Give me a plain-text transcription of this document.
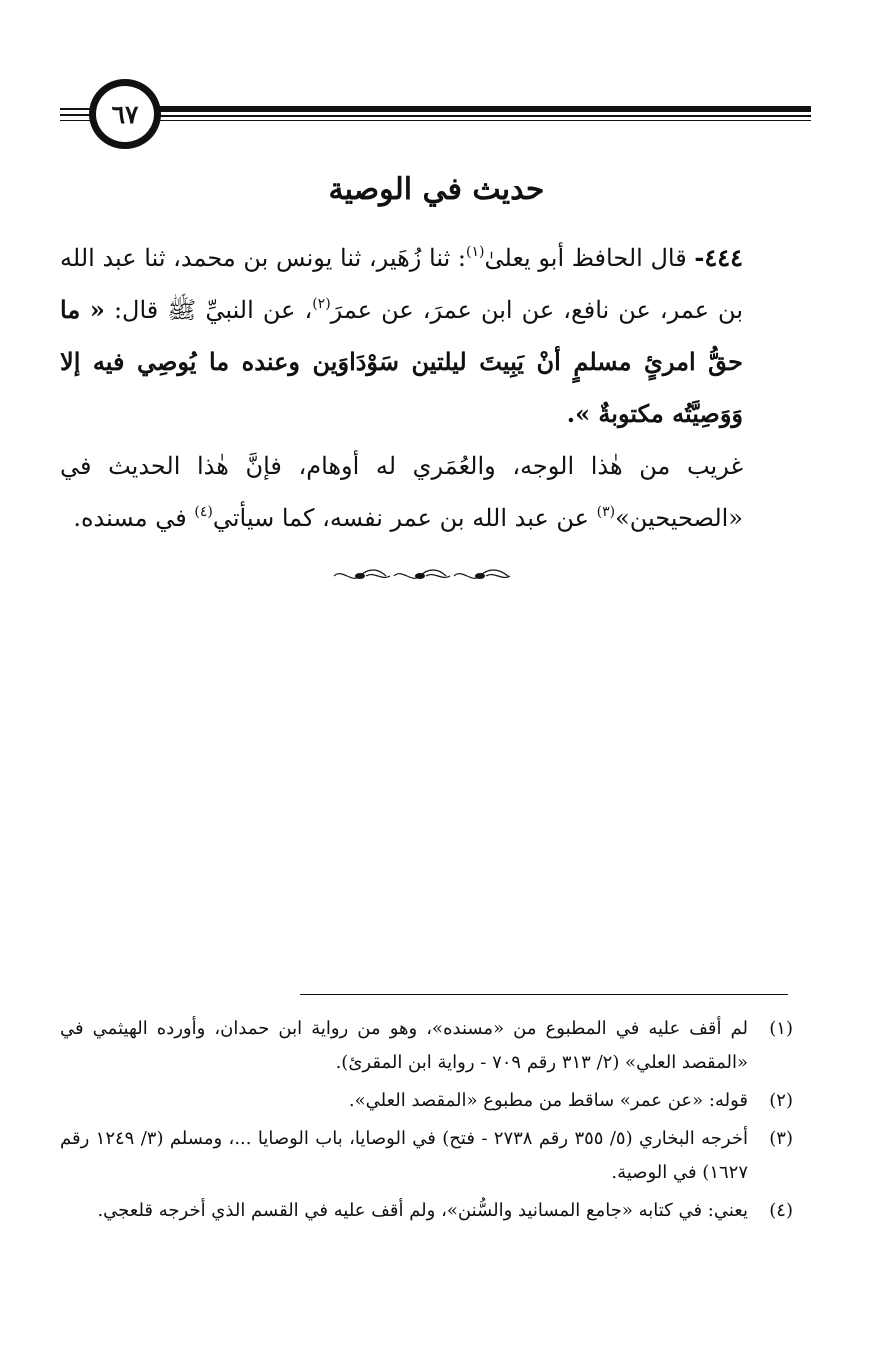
٦٧
حديث في الوصية

٤٤٤- قال الحافظ أبو يعلىٰ$^{(١)}$: ثنا زُهَير، ثنا يونس بن محمد، ثنا عبد الله بن عمر، عن نافع، عن ابن عمرَ، عن عمرَ$^{(٢)}$، عن النبيِّ ﷺ قال: « ما حقُّ امرئٍ مسلمٍ أنْ يَبِيتَ ليلتين سَوْدَاوَين وعنده ما يُوصِي فيه إلا وَوَصِيَّتُه مكتوبةٌ ».

غريب من هٰذا الوجه، والعُمَري له أوهام، فإنَّ هٰذا الحديث في «الصحيحين»$^{(٣)}$ عن عبد الله بن عمر نفسه، كما سيأتي$^{(٤)}$ في مسنده.

(١)
لم أقف عليه في المطبوع من «مسنده»، وهو من رواية ابن حمدان، وأورده الهيثمي في «المقصد العلي» (٢/ ٣١٣ رقم ٧٠٩ - رواية ابن المقرئ).
(٢)
قوله: «عن عمر» ساقط من مطبوع «المقصد العلي».
(٣)
أخرجه البخاري (٥/ ٣٥٥ رقم ٢٧٣٨ - فتح) في الوصايا، باب الوصايا ...، ومسلم (٣/ ١٢٤٩ رقم ١٦٢٧) في الوصية.
(٤)
يعني: في كتابه «جامع المسانيد والسُّنن»، ولم أقف عليه في القسم الذي أخرجه قلعجي.
